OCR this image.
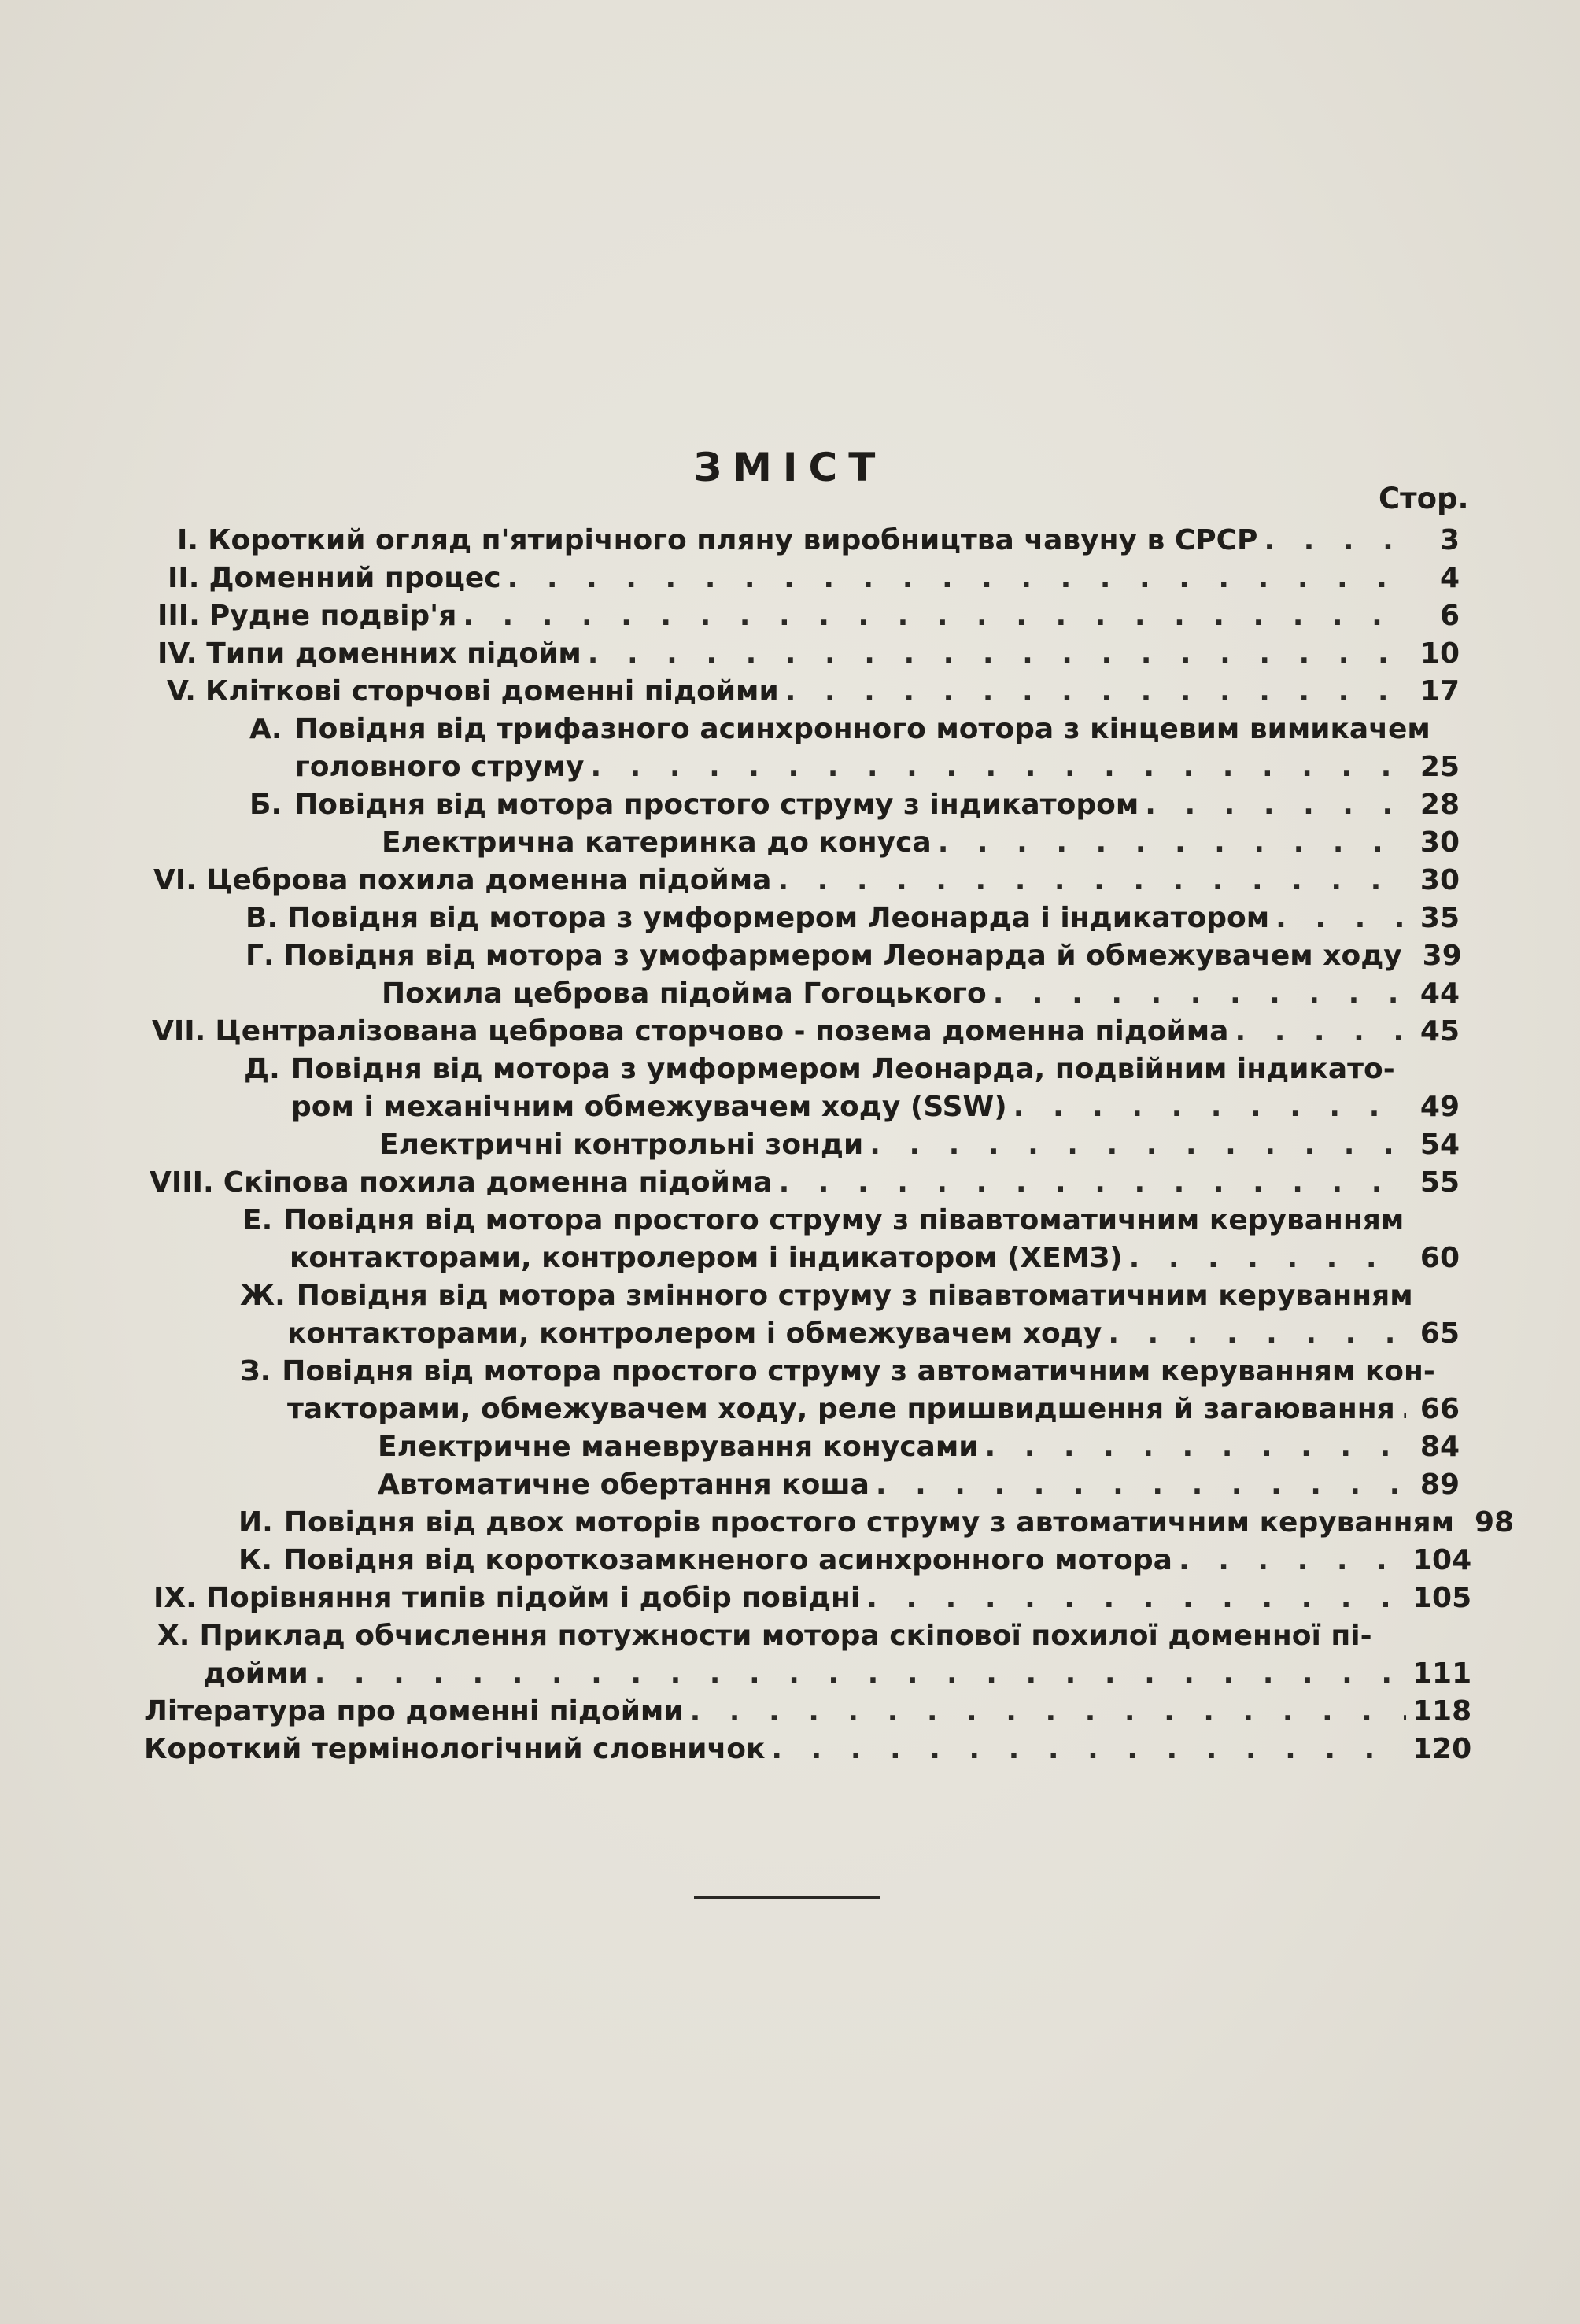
ЗМІСТ
Стор.
I. Короткий огляд п'ятирічного пляну виробництва чавуну в СРСР . . .	3
II. Доменний процес . . .	4
III. Рудне подвір'я . . .	6
IV. Типи доменних підойм . . .	10
V. Кліткові сторчові доменні підойми . . .	17
А. Повідня від трифазного асинхронного мотора з кінцевим вимикачем
головного струму . . .	25
Б. Повідня від мотора простого струму з індикатором . . .	28
Електрична катеринка до конуса . . .	30
VI. Цеброва похила доменна підойма . . .	30
В. Повідня від мотора з умформером Леонарда і індикатором . . .	35
Г. Повідня від мотора з умофармером Леонарда й обмежувачем ходу 39
Похила цеброва підойма Гогоцького . . .	44
VII. Централізована цеброва сторчово - позема доменна підойма . . .	45
Д. Повідня від мотора з умформером Леонарда, подвійним індикато-
ром і механічним обмежувачем ходу (SSW) . . .	49
Електричні контрольні зонди . . .	54
VIII. Скіпова похила доменна підойма . . .	55
Е. Повідня від мотора простого струму з півавтоматичним керуванням
контакторами, контролером і індикатором (ХЕМЗ) . . .	60
Ж. Повідня від мотора змінного струму з півавтоматичним керуванням
контакторами, контролером і обмежувачем ходу . . .	65
З. Повідня від мотора простого струму з автоматичним керуванням кон-
такторами, обмежувачем ходу, реле пришвидшення й загаювання . . . 66
Електричне маневрування конусами . . .	84
Автоматичне обертання коша . . .	89
И. Повідня від двох моторів простого струму з автоматичним керуванням 98
К. Повідня від короткозамкненого асинхронного мотора . . .	104
IX. Порівняння типів підойм і добір повідні . . .	105
X. Приклад обчислення потужности мотора скіпової похилої доменної пі-
дойми . . .	111
Література про доменні підойми . . .	118
Короткий термінологічний словничок . . .	120
